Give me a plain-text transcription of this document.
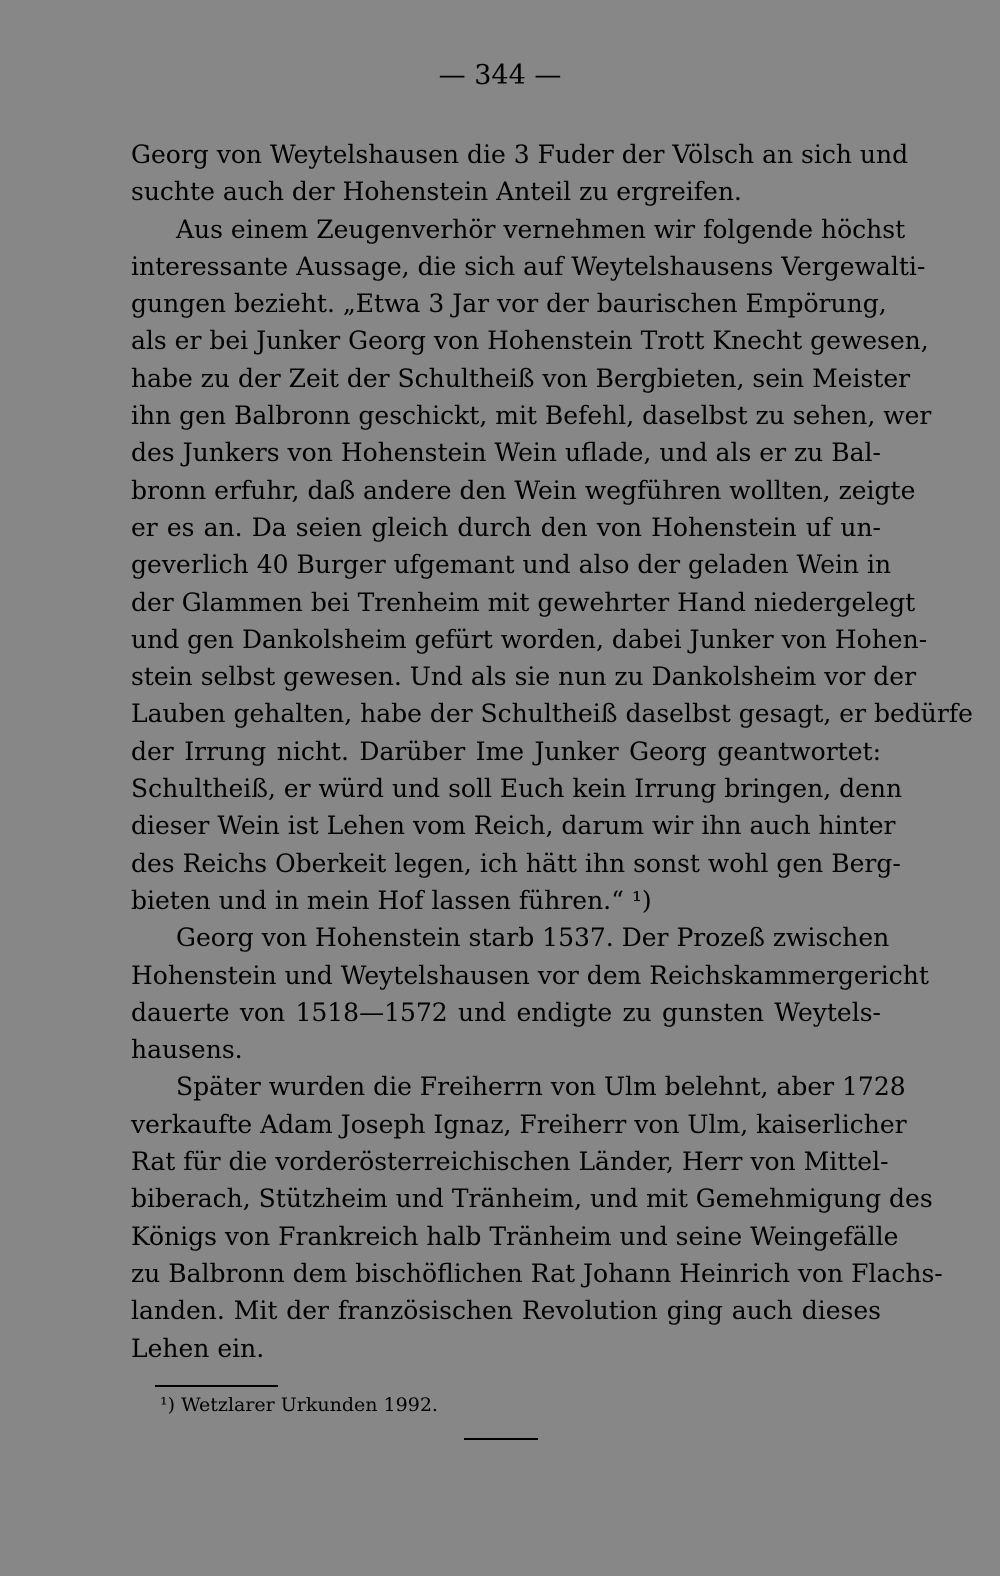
— 344 —
Georg von Weytelshausen die 3 Fuder der Völsch an sich und
suchte auch der Hohenstein Anteil zu ergreifen.
Aus einem Zeugenverhör vernehmen wir folgende höchst
interessante Aussage, die sich auf Weytelshausens Vergewalti-
gungen bezieht. „Etwa 3 Jar vor der baurischen Empörung,
als er bei Junker Georg von Hohenstein Trott Knecht gewesen,
habe zu der Zeit der Schultheiß von Bergbieten, sein Meister
ihn gen Balbronn geschickt, mit Befehl, daselbst zu sehen, wer
des Junkers von Hohenstein Wein uflade, und als er zu Bal-
bronn erfuhr, daß andere den Wein wegführen wollten, zeigte
er es an. Da seien gleich durch den von Hohenstein uf un-
geverlich 40 Burger ufgemant und also der geladen Wein in
der Glammen bei Trenheim mit gewehrter Hand niedergelegt
und gen Dankolsheim gefürt worden, dabei Junker von Hohen-
stein selbst gewesen. Und als sie nun zu Dankolsheim vor der
Lauben gehalten, habe der Schultheiß daselbst gesagt, er bedürfe
der Irrung nicht. Darüber Ime Junker Georg geantwortet:
Schultheiß, er würd und soll Euch kein Irrung bringen, denn
dieser Wein ist Lehen vom Reich, darum wir ihn auch hinter
des Reichs Oberkeit legen, ich hätt ihn sonst wohl gen Berg-
bieten und in mein Hof lassen führen.“ ¹)
Georg von Hohenstein starb 1537. Der Prozeß zwischen
Hohenstein und Weytelshausen vor dem Reichskammergericht
dauerte von 1518—1572 und endigte zu gunsten Weytels-
hausens.
Später wurden die Freiherrn von Ulm belehnt, aber 1728
verkaufte Adam Joseph Ignaz, Freiherr von Ulm, kaiserlicher
Rat für die vorderösterreichischen Länder, Herr von Mittel-
biberach, Stützheim und Tränheim, und mit Gemehmigung des
Königs von Frankreich halb Tränheim und seine Weingefälle
zu Balbronn dem bischöflichen Rat Johann Heinrich von Flachs-
landen. Mit der französischen Revolution ging auch dieses
Lehen ein.
¹) Wetzlarer Urkunden 1992.
